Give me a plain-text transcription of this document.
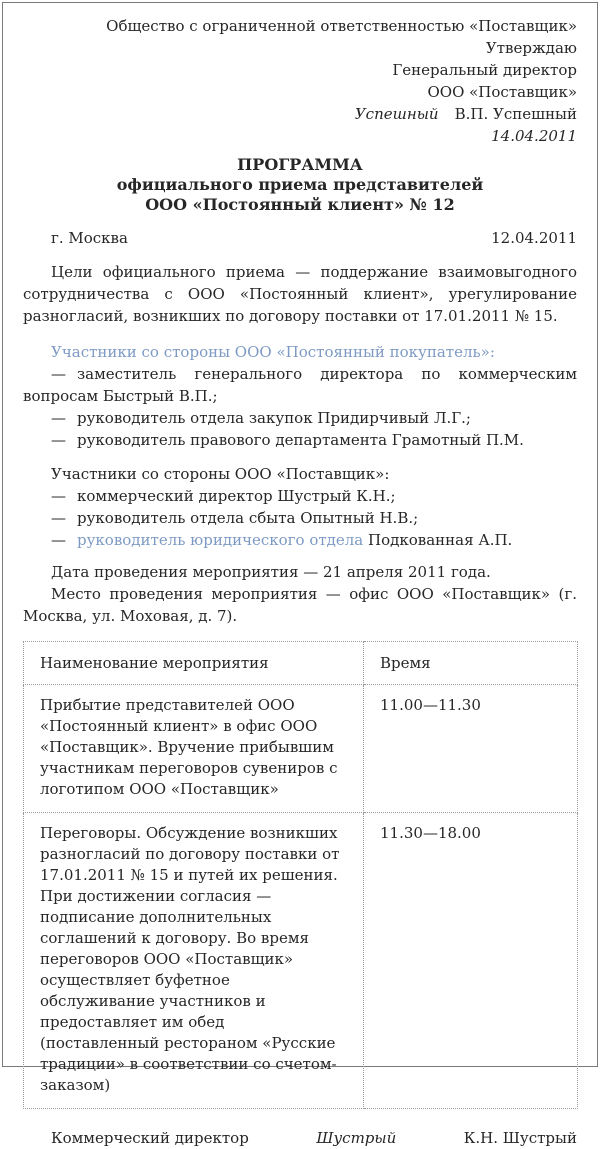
Общество с ограниченной ответственностью «Поставщик»
Утверждаю
Генеральный директор
ООО «Поставщик»
Успешный В.П. Успешный
14.04.2011
ПРОГРАММА
официального приема представителей
ООО «Постоянный клиент» № 12
г. Москва	12.04.2011

Цели официального приема — поддержание взаимовыгодного сотрудничества с ООО «Постоянный клиент», урегулирование разногласий, возникших по договору поставки от 17.01.2011 № 15.

Участники со стороны ООО «Постоянный покупатель»:

— заместитель генерального директора по коммерческим вопросам Быстрый В.П.;

— руководитель отдела закупок Придирчивый Л.Г.;

— руководитель правового департамента Грамотный П.М.

Участники со стороны ООО «Поставщик»:

— коммерческий директор Шустрый К.Н.;

— руководитель отдела сбыта Опытный Н.В.;

— руководитель юридического отдела Подкованная А.П.

Дата проведения мероприятия — 21 апреля 2011 года.

Место проведения мероприятия — офис ООО «Поставщик» (г. Москва, ул. Моховая, д. 7).

Наименование мероприятия	Время
Прибытие представителей ООО «Постоянный клиент» в офис ООО «Поставщик». Вручение прибывшим участникам переговоров сувениров с логотипом ООО «Поставщик»	11.00—11.30
Переговоры. Обсуждение возникших разногласий по договору поставки от 17.01.2011 № 15 и путей их решения. При достижении согласия — подписание дополнительных соглашений к договору. Во время переговоров ООО «Поставщик» осуществляет буфетное обслуживание участников и предоставляет им обед (поставленный рестораном «Русские традиции» в соответствии со счетом-заказом)	11.30—18.00
Коммерческий директор	Шустрый	К.Н. Шустрый
